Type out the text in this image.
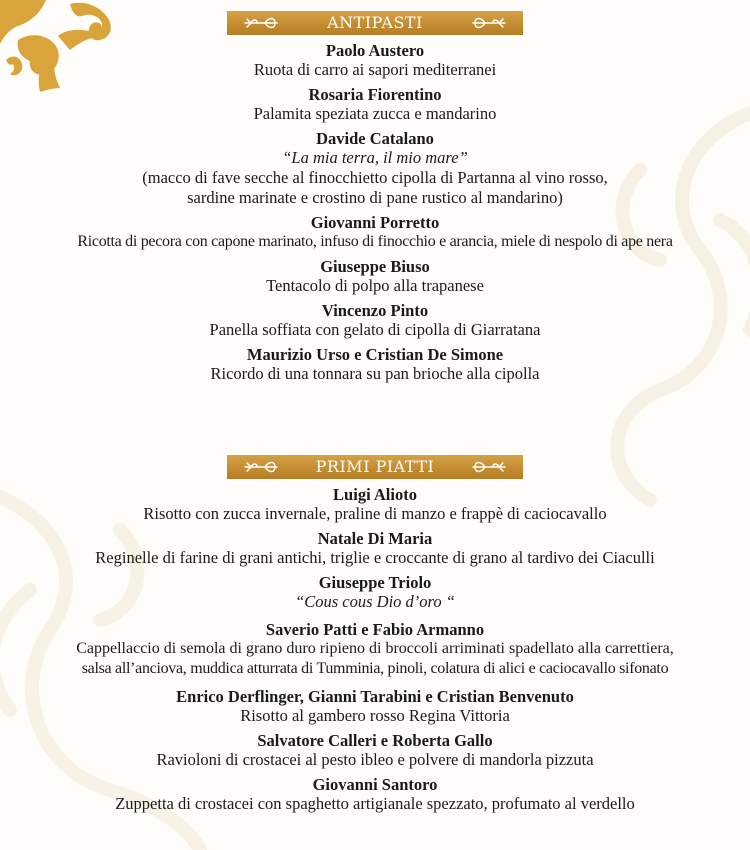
ANTIPASTI
Paolo Austero
Ruota di carro ai sapori mediterranei
Rosaria Fiorentino
Palamita speziata zucca e mandarino
Davide Catalano
“La mia terra, il mio mare”
(macco di fave secche al finocchietto cipolla di Partanna al vino rosso,
sardine marinate e crostino di pane rustico al mandarino)
Giovanni Porretto
Ricotta di pecora con capone marinato, infuso di finocchio e arancia, miele di nespolo di ape nera
Giuseppe Biuso
Tentacolo di polpo alla trapanese
Vincenzo Pinto
Panella soffiata con gelato di cipolla di Giarratana
Maurizio Urso e Cristian De Simone
Ricordo di una tonnara su pan brioche alla cipolla
PRIMI PIATTI
Luigi Alioto
Risotto con zucca invernale, praline di manzo e frappè di caciocavallo
Natale Di Maria
Reginelle di farine di grani antichi, triglie e croccante di grano al tardivo dei Ciaculli
Giuseppe Triolo
“Cous cous Dio d’oro “
Saverio Patti e Fabio Armanno
Cappellaccio di semola di grano duro ripieno di broccoli arriminati spadellato alla carrettiera,
salsa all’anciova, muddica atturrata di Tumminia, pinoli, colatura di alici e caciocavallo sifonato
Enrico Derflinger, Gianni Tarabini e Cristian Benvenuto
Risotto al gambero rosso Regina Vittoria
Salvatore Calleri e Roberta Gallo
Ravioloni di crostacei al pesto ibleo e polvere di mandorla pizzuta
Giovanni Santoro
Zuppetta di crostacei con spaghetto artigianale spezzato, profumato al verdello
